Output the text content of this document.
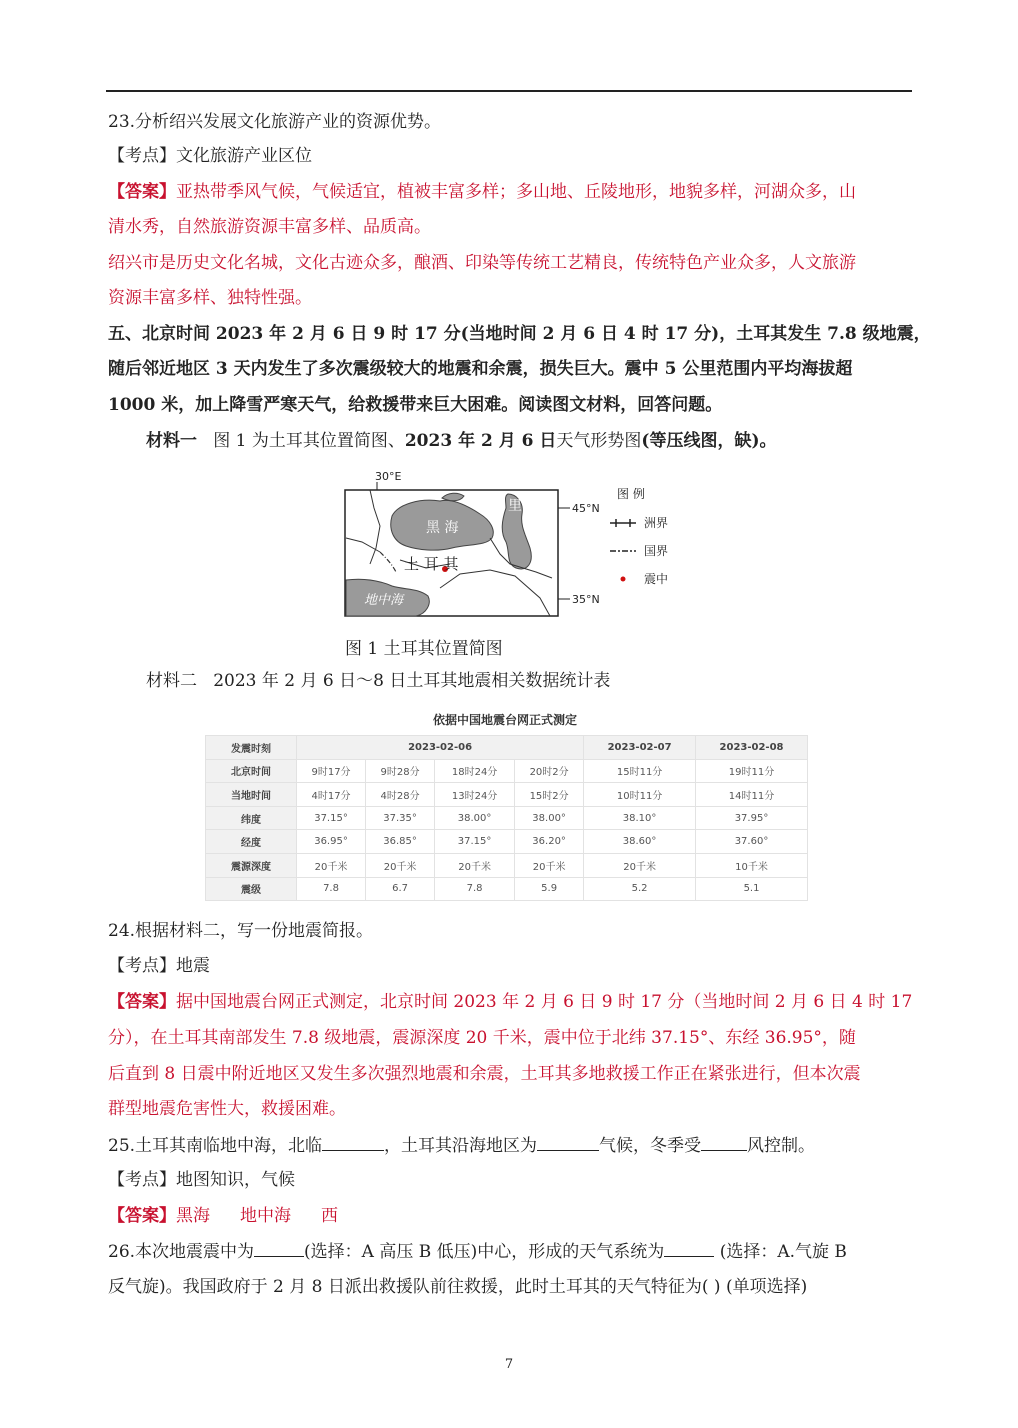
23.分析绍兴发展文化旅游产业的资源优势。
【考点】文化旅游产业区位
【答案】亚热带季风气候，气候适宜，植被丰富多样；多山地、丘陵地形，地貌多样，河湖众多，山
清水秀，自然旅游资源丰富多样、品质高。
绍兴市是历史文化名城，文化古迹众多，酿酒、印染等传统工艺精良，传统特色产业众多，人文旅游
资源丰富多样、独特性强。
五、北京时间 2023 年 2 月 6 日 9 时 17 分(当地时间 2 月 6 日 4 时 17 分)，土耳其发生 7.8 级地震，
随后邻近地区 3 天内发生了多次震级较大的地震和余震，损失巨大。震中 5 公里范围内平均海拔超
1000 米，加上降雪严寒天气，给救援带来巨大困难。阅读图文材料，回答问题。
材料一 图 1 为土耳其位置简图、2023 年 2 月 6 日天气形势图(等压线图，缺)。
30°E
45°N
35°N
黑 海
里
海
土 耳 其
地中海
图 例
洲界
国界
震中
图 1 土耳其位置简图
材料二 2023 年 2 月 6 日～8 日土耳其地震相关数据统计表
依据中国地震台网正式测定
发震时刻	2023-02-06				2023-02-07	2023-02-08
北京时间	9时17分	9时28分	18时24分	20时2分	15时11分	19时11分
当地时间	4时17分	4时28分	13时24分	15时2分	10时11分	14时11分
纬度	37.15°	37.35°	38.00°	38.00°	38.10°	37.95°
经度	36.95°	36.85°	37.15°	36.20°	38.60°	37.60°
震源深度	20千米	20千米	20千米	20千米	20千米	10千米
震级	7.8	6.7	7.8	5.9	5.2	5.1
24.根据材料二，写一份地震简报。
【考点】地震
【答案】据中国地震台网正式测定，北京时间 2023 年 2 月 6 日 9 时 17 分（当地时间 2 月 6 日 4 时 17
分），在土耳其南部发生 7.8 级地震，震源深度 20 千米，震中位于北纬 37.15°、东经 36.95°，随
后直到 8 日震中附近地区又发生多次强烈地震和余震，土耳其多地救援工作正在紧张进行，但本次震
群型地震危害性大，救援困难。
25.土耳其南临地中海，北临	，土耳其沿海地区为	气候，冬季受	风控制。
【考点】地图知识，气候
【答案】黑海 地中海 西
26.本次地震震中为	(选择：A 高压 B 低压)中心，形成的天气系统为	(选择：A.气旋 B
反气旋)。我国政府于 2 月 8 日派出救援队前往救援，此时土耳其的天气特征为( ) (单项选择)
7
